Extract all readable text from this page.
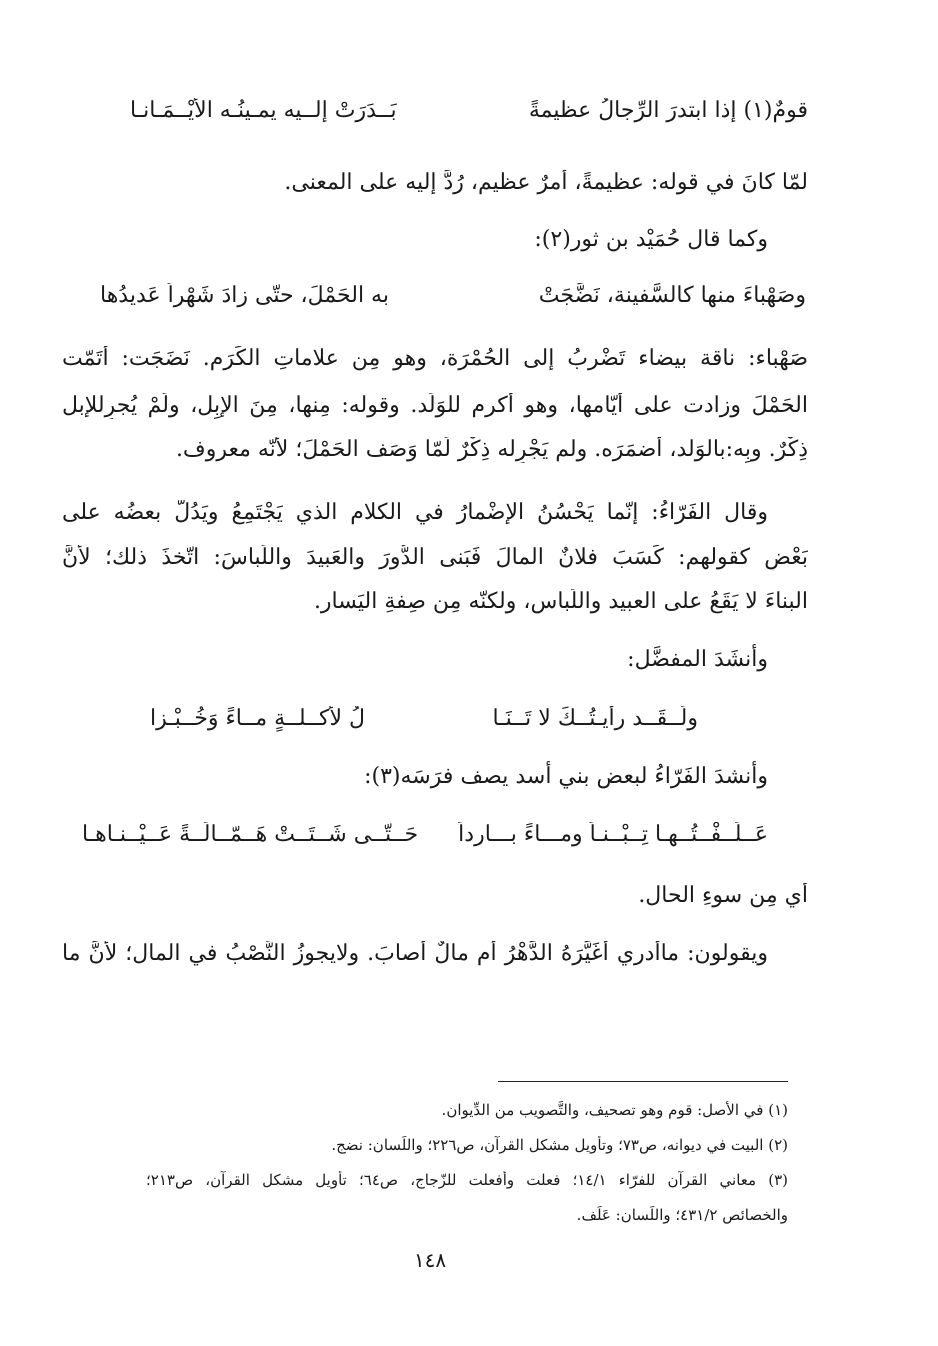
قومٌ(١) إذا ابتدرَ الرِّجالُ عظيمةً
بَــدَرَتْ إلــيه يمـينُـه الأيْــمَـانـا
لمّا كانَ في قوله: عظيمةً، أمرٌ عظيم، رُدَّ إليه على المعنى.
وكما قال حُمَيْد بن ثور(٢):
وصَهْباءَ منها كالسَّفينة، نَضَّجَتْ
به الحَمْلَ، حتّى زادَ شَهْراً عَديدُها
صَهْباء: ناقة بيضاء تَضْربُ إلى الحُمْرَة، وهو مِن علاماتِ الكَرَم. نَضَجَت: أتَمّت
الحَمْلَ وزادت على أيّامها، وهو أكرم للوَلَد. وقوله: مِنها، مِنَ الإبِل، ولَمْ يُجرِللإبل
ذِكْرٌ. وبِه:بالوَلد، أضمَرَه. ولم يَجْرِله ذِكْرٌ لَمّا وَصَف الحَمْلَ؛ لأنّه معروف.
وقال الفَرّاءُ: إنّما يَحْسُنُ الإضْمارُ في الكلام الذي يَجْتَمِعُ ويَدُلُّ بعضُه على
بَعْضٍ كقولهم: كَسَبَ فلانٌ المالَ فَبَنى الدُّورَ والعَبيدَ واللِّباسَ: اتّخذَ ذلك؛ لأنَّ
البناءَ لا يَقَعُ على العبيد واللِّباس، ولكنّه مِن صِفةِ اليَسار.
وأنشَدَ المفضَّل:
ولَــقَــد رأيـتُــكَ لا تَــنَـا
لُ لأكــلــةٍ مــاءً وَخُــبْـزا
وأنشدَ الفَرّاءُ لبعض بني أسد يصف فرَسَه(٣):
عَــلَــفْــتُــهـا تِــبْــنـاً ومـــاءً بـــارداً
حَــتّــى شَــتَــتْ هَــمّــالَــةً عَــيْــنـاهـا
أي مِن سوءِ الحال.
ويقولون: ماأدري أغَيَّرَهُ الدَّهْرُ أم مالٌ أصابَ. ولايجوزُ النَّصْبُ في المال؛ لأنَّ ما
(١) في الأصل: قوم وهو تصحيف، والتَّصويب من الدِّيوان.
(٢) البيت في ديوانه، ص٧٣؛ وتأويل مشكل القرآن، ص٢٢٦؛ واللِّسان: نضج.
(٣) معاني القرآن للفرّاء ١٤/١؛ فعلت وأفعلت للزّجاج، ص٦٤؛ تأويل مشكل القرآن، ص٢١٣؛
والخصائص ٤٣١/٢؛ واللِّسان: عَلَف.
١٤٨
